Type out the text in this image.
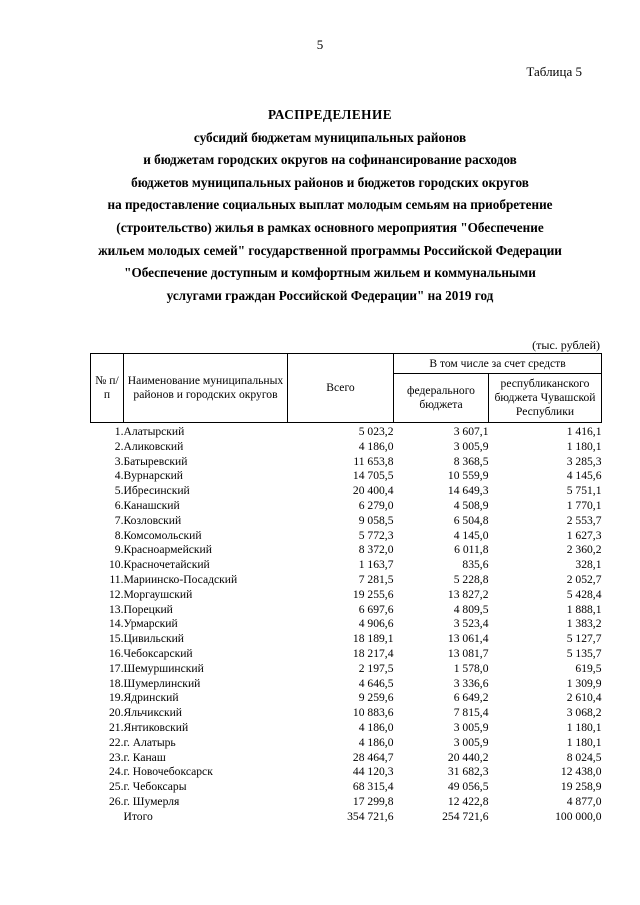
5
Таблица 5
РАСПРЕДЕЛЕНИЕ
субсидий бюджетам муниципальных районов
и бюджетам городских округов на софинансирование расходов
бюджетов муниципальных районов и бюджетов городских округов
на предоставление социальных выплат молодым семьям на приобретение
(строительство) жилья в рамках основного мероприятия "Обеспечение
жильем молодых семей" государственной программы Российской Федерации
"Обеспечение доступным и комфортным жильем и коммунальными
услугами граждан Российской Федерации" на 2019 год
(тыс. рублей)
№ п/п	Наименование муниципальных районов и городских округов	Всего	В том числе за счет средств	
			федерального бюджета	республиканского бюджета Чувашской Республики
1.	Алатырский	5 023,2	3 607,1	1 416,1
2.	Аликовский	4 186,0	3 005,9	1 180,1
3.	Батыревский	11 653,8	8 368,5	3 285,3
4.	Вурнарский	14 705,5	10 559,9	4 145,6
5.	Ибресинский	20 400,4	14 649,3	5 751,1
6.	Канашский	6 279,0	4 508,9	1 770,1
7.	Козловский	9 058,5	6 504,8	2 553,7
8.	Комсомольский	5 772,3	4 145,0	1 627,3
9.	Красноармейский	8 372,0	6 011,8	2 360,2
10.	Красночетайский	1 163,7	835,6	328,1
11.	Мариинско-Посадский	7 281,5	5 228,8	2 052,7
12.	Моргаушский	19 255,6	13 827,2	5 428,4
13.	Порецкий	6 697,6	4 809,5	1 888,1
14.	Урмарский	4 906,6	3 523,4	1 383,2
15.	Цивильский	18 189,1	13 061,4	5 127,7
16.	Чебоксарский	18 217,4	13 081,7	5 135,7
17.	Шемуршинский	2 197,5	1 578,0	619,5
18.	Шумерлинский	4 646,5	3 336,6	1 309,9
19.	Ядринский	9 259,6	6 649,2	2 610,4
20.	Яльчикский	10 883,6	7 815,4	3 068,2
21.	Янтиковский	4 186,0	3 005,9	1 180,1
22.	г. Алатырь	4 186,0	3 005,9	1 180,1
23.	г. Канаш	28 464,7	20 440,2	8 024,5
24.	г. Новочебоксарск	44 120,3	31 682,3	12 438,0
25.	г. Чебоксары	68 315,4	49 056,5	19 258,9
26.	г. Шумерля	17 299,8	12 422,8	4 877,0
	Итого	354 721,6	254 721,6	100 000,0
